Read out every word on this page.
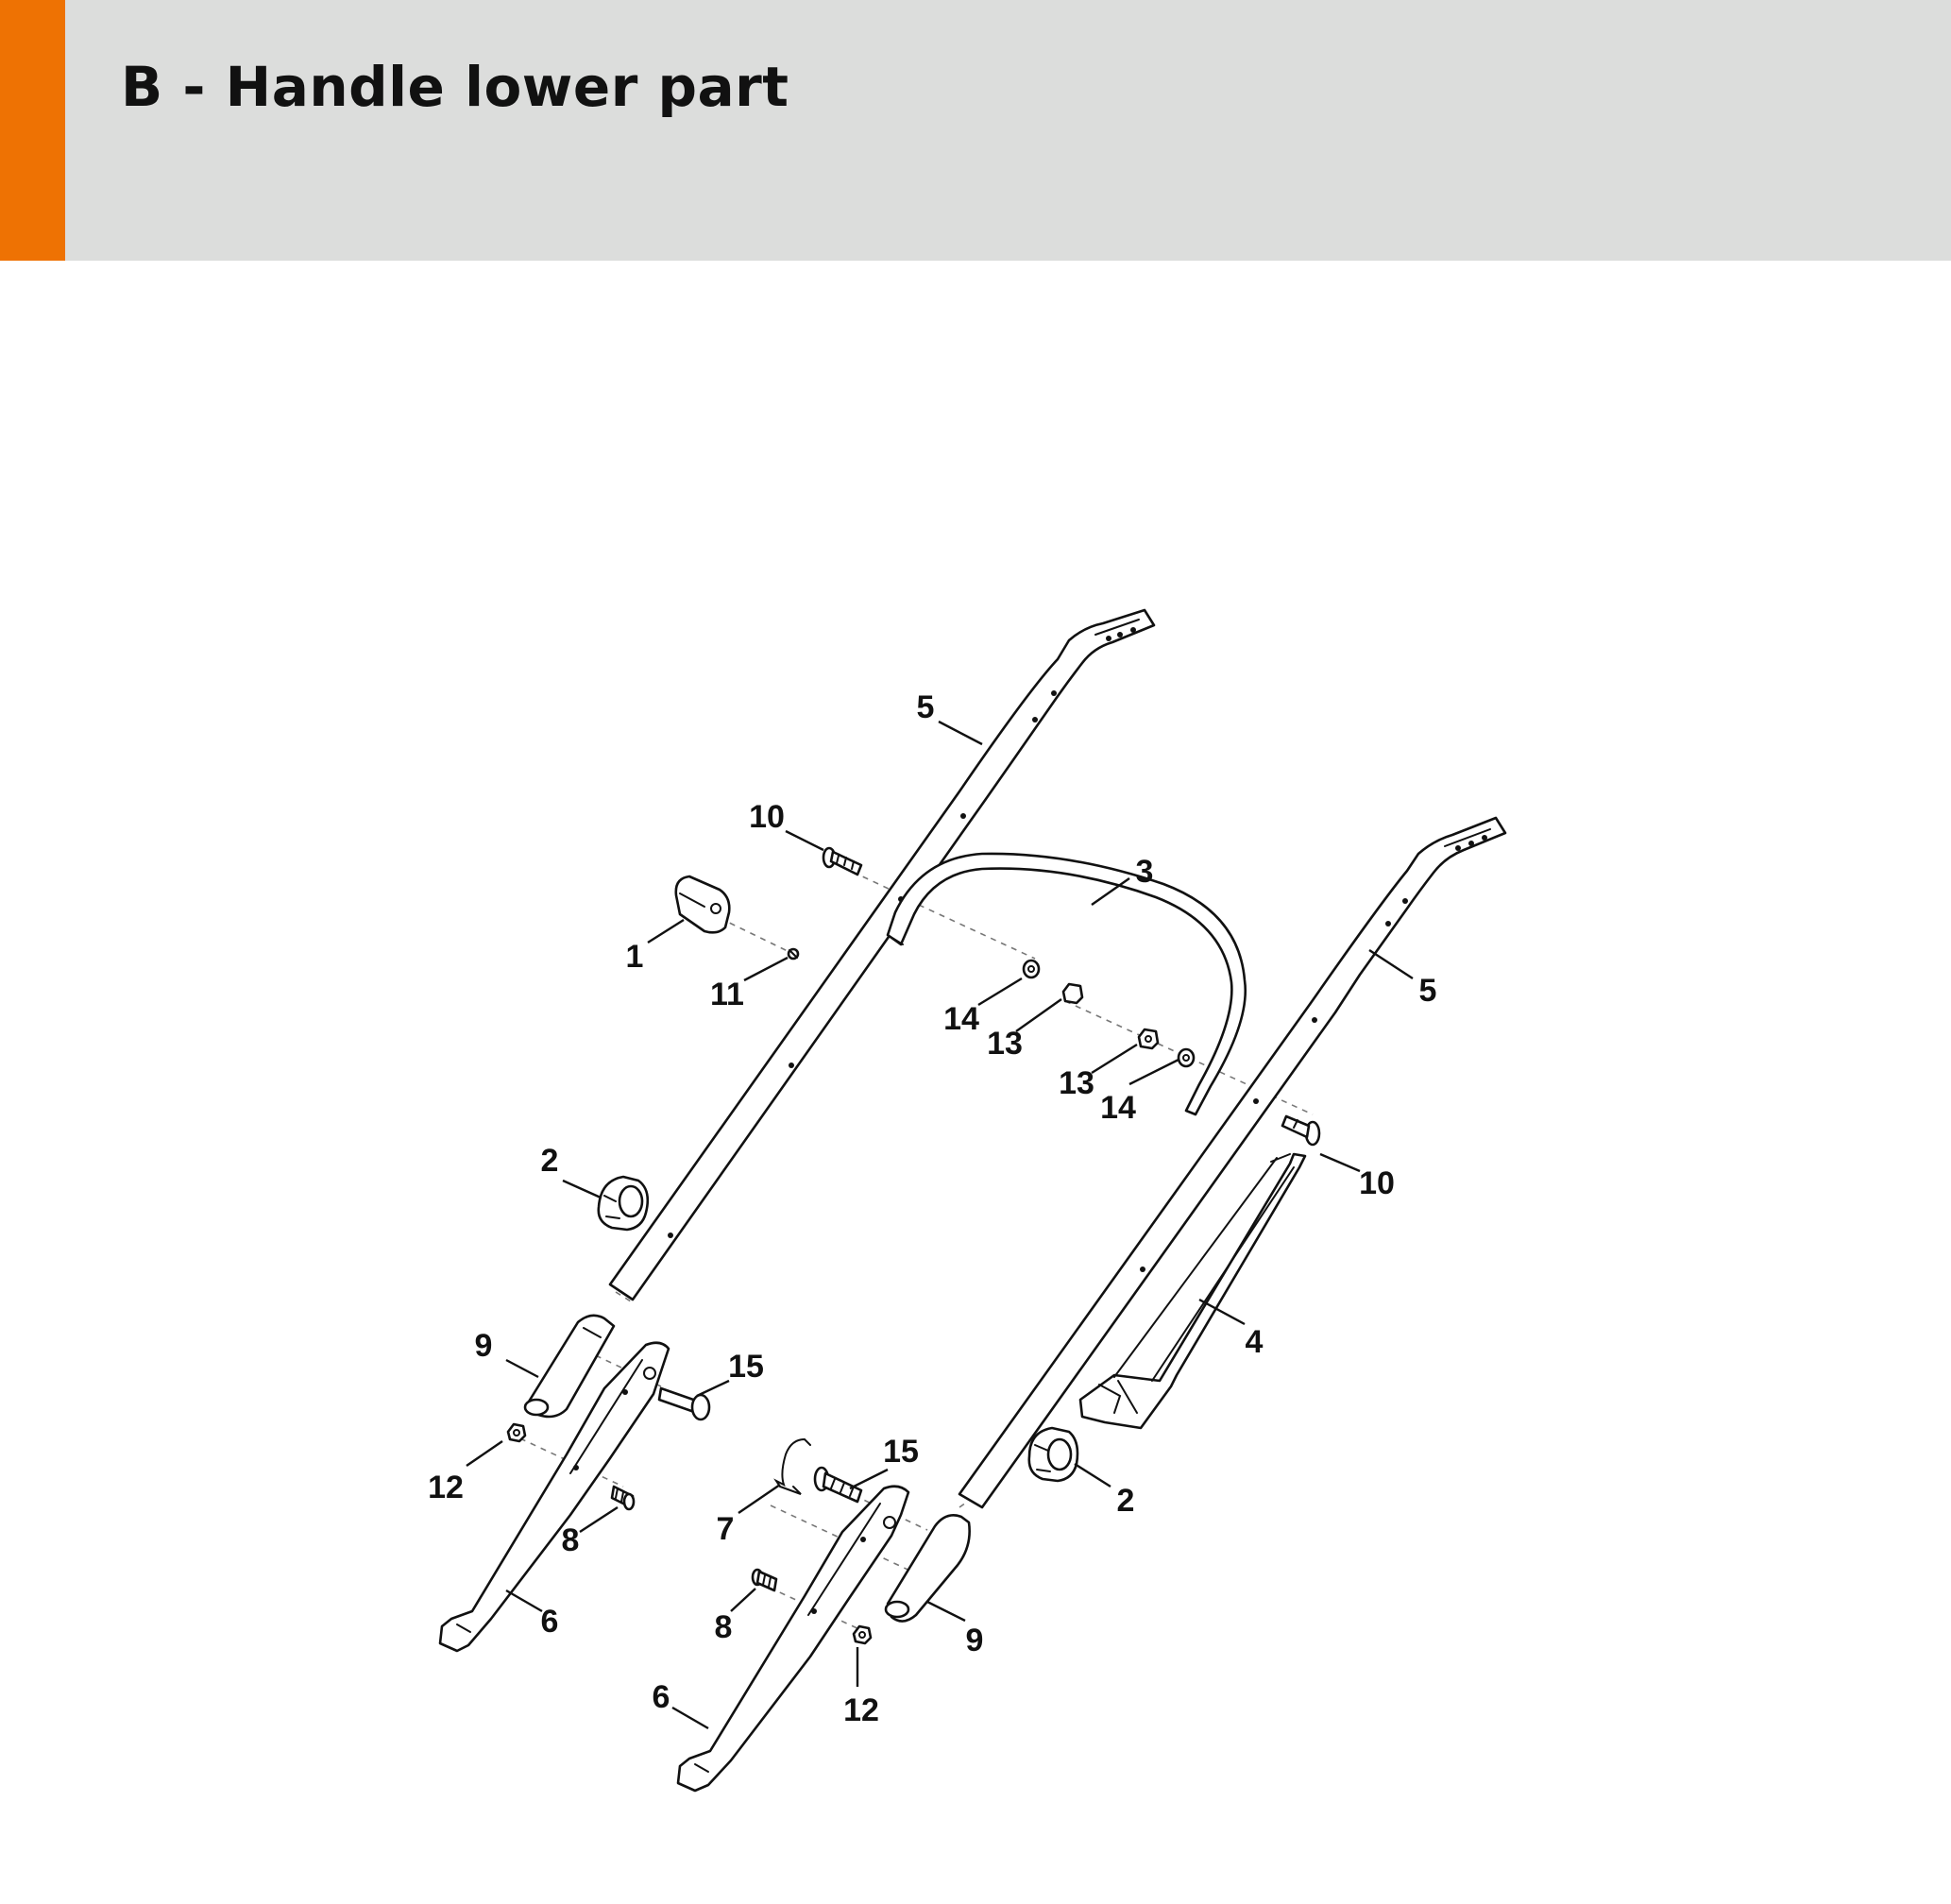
B - Handle lower part
5
10
3
1
11
14
13
5
13
14
2
10
4
9
15
12
8
6
15
7
2
8	9
6	12
